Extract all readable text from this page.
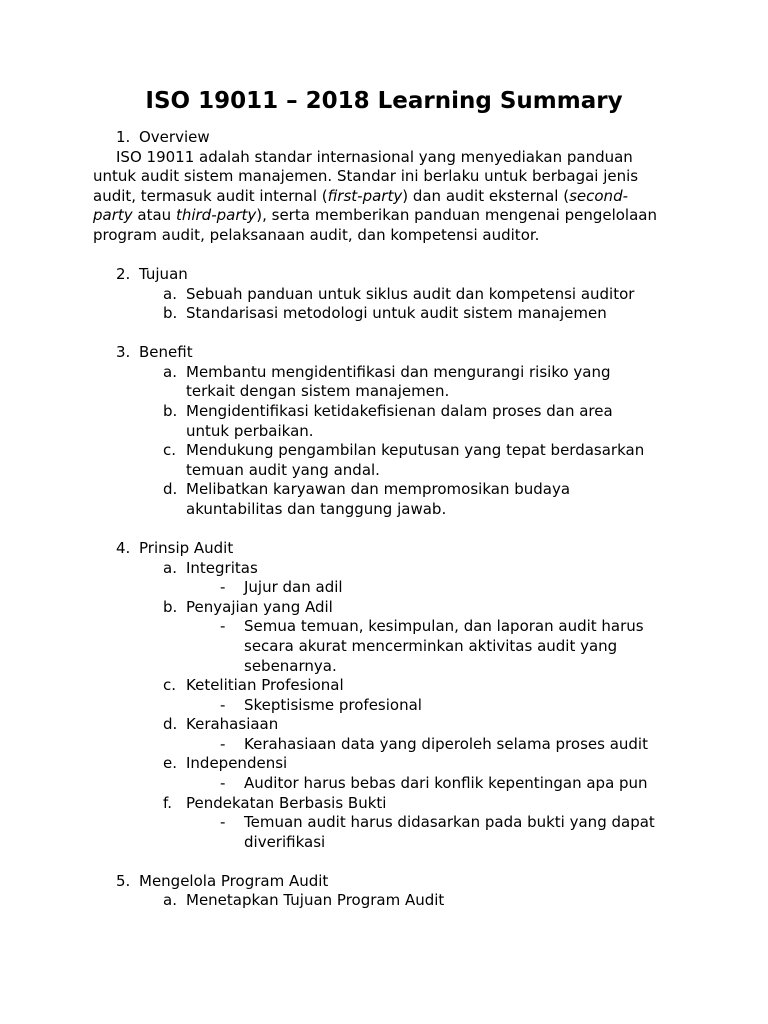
ISO 19011 – 2018 Learning Summary
1. Overview
ISO 19011 adalah standar internasional yang menyediakan panduan
untuk audit sistem manajemen. Standar ini berlaku untuk berbagai jenis
audit, termasuk audit internal (first-party) dan audit eksternal (second-
party atau third-party), serta memberikan panduan mengenai pengelolaan
program audit, pelaksanaan audit, dan kompetensi auditor.
2. Tujuan
a. Sebuah panduan untuk siklus audit dan kompetensi auditor
b. Standarisasi metodologi untuk audit sistem manajemen
3. Benefit
a. Membantu mengidentifikasi dan mengurangi risiko yang
terkait dengan sistem manajemen.
b. Mengidentifikasi ketidakefisienan dalam proses dan area
untuk perbaikan.
c. Mendukung pengambilan keputusan yang tepat berdasarkan
temuan audit yang andal.
d. Melibatkan karyawan dan mempromosikan budaya
akuntabilitas dan tanggung jawab.
4. Prinsip Audit
a. Integritas
- Jujur dan adil
b. Penyajian yang Adil
- Semua temuan, kesimpulan, dan laporan audit harus
secara akurat mencerminkan aktivitas audit yang
sebenarnya.
c. Ketelitian Profesional
- Skeptisisme profesional
d. Kerahasiaan
- Kerahasiaan data yang diperoleh selama proses audit
e. Independensi
- Auditor harus bebas dari konflik kepentingan apa pun
f. Pendekatan Berbasis Bukti
- Temuan audit harus didasarkan pada bukti yang dapat
diverifikasi
5. Mengelola Program Audit
a. Menetapkan Tujuan Program Audit
